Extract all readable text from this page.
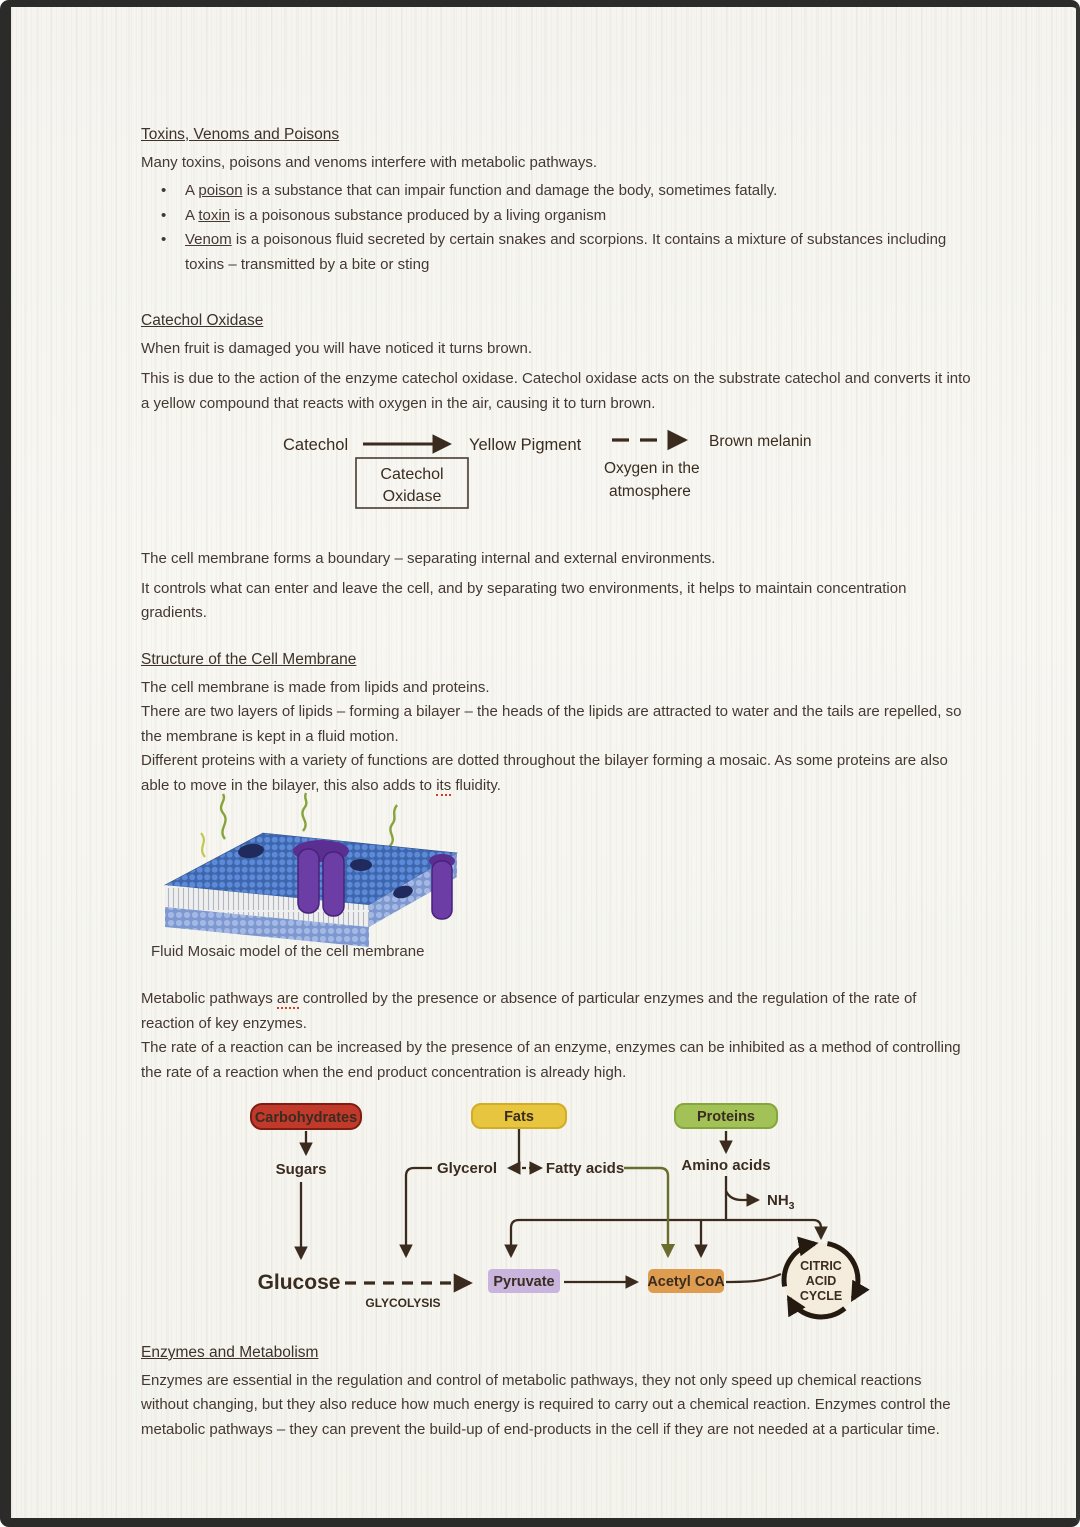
Toxins, Venoms and Poisons
Many toxins, poisons and venoms interfere with metabolic pathways.
•	A poison is a substance that can impair function and damage the body, sometimes fatally.
•	A toxin is a poisonous substance produced by a living organism
•	Venom is a poisonous fluid secreted by certain snakes and scorpions. It contains a mixture of substances including toxins – transmitted by a bite or sting
Catechol Oxidase
When fruit is damaged you will have noticed it turns brown.
This is due to the action of the enzyme catechol oxidase. Catechol oxidase acts on the substrate catechol and converts it into a yellow compound that reacts with oxygen in the air, causing it to turn brown.
Catechol
Catechol
Oxidase
Yellow Pigment	Brown melanin
Oxygen in the
atmosphere
The cell membrane forms a boundary – separating internal and external environments.
It controls what can enter and leave the cell, and by separating two environments, it helps to maintain concentration gradients.
Structure of the Cell Membrane
The cell membrane is made from lipids and proteins.
There are two layers of lipids – forming a bilayer – the heads of the lipids are attracted to water and the tails are repelled, so the membrane is kept in a fluid motion.
Different proteins with a variety of functions are dotted throughout the bilayer forming a mosaic. As some proteins are also able to move in the bilayer, this also adds to its fluidity.
Fluid Mosaic model of the cell membrane
Metabolic pathways are controlled by the presence or absence of particular enzymes and the regulation of the rate of reaction of key enzymes.
The rate of a reaction can be increased by the presence of an enzyme, enzymes can be inhibited as a method of controlling the rate of a reaction when the end product concentration is already high.
Carbohydrates	Fats	Proteins
Sugars	Glycerol	Fatty acids	Amino acids
$NH_3$
Glucose
GLYCOLYSIS
Pyruvate	Acetyl CoA
CITRIC
ACID
CYCLE
Enzymes and Metabolism
Enzymes are essential in the regulation and control of metabolic pathways, they not only speed up chemical reactions without changing, but they also reduce how much energy is required to carry out a chemical reaction. Enzymes control the metabolic pathways – they can prevent the build-up of end-products in the cell if they are not needed at a particular time.
